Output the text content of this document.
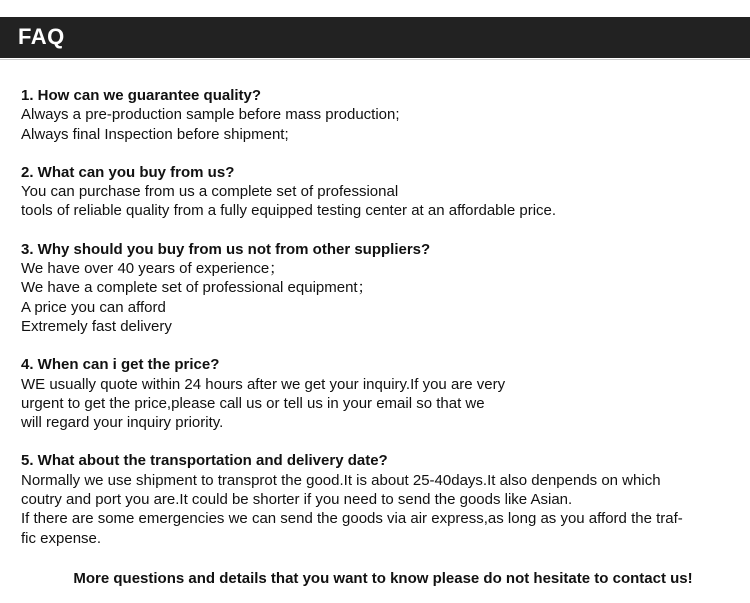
FAQ

1. How can we guarantee quality?

Always a pre-production sample before mass production;

Always final Inspection before shipment;

2. What can you buy from us?

You can purchase from us a complete set of professional

tools of reliable quality from a fully equipped testing center at an affordable price.

3. Why should you buy from us not from other suppliers?

We have over 40 years of experience；

We have a complete set of professional equipment；

A price you can afford

Extremely fast delivery

4. When can i get the price?

WE usually quote within 24 hours after we get your inquiry.If you are very

urgent to get the price,please call us or tell us in your email so that we

will regard your inquiry priority.

5. What about the transportation and delivery date?

Normally we use shipment to transprot the good.It is about 25-40days.It also denpends on which

coutry and port you are.It could be shorter if you need to send the goods like Asian.

If there are some emergencies we can send the goods via air express,as long as you afford the traf-

fic expense.

More questions and details that you want to know please do not hesitate to contact us!
